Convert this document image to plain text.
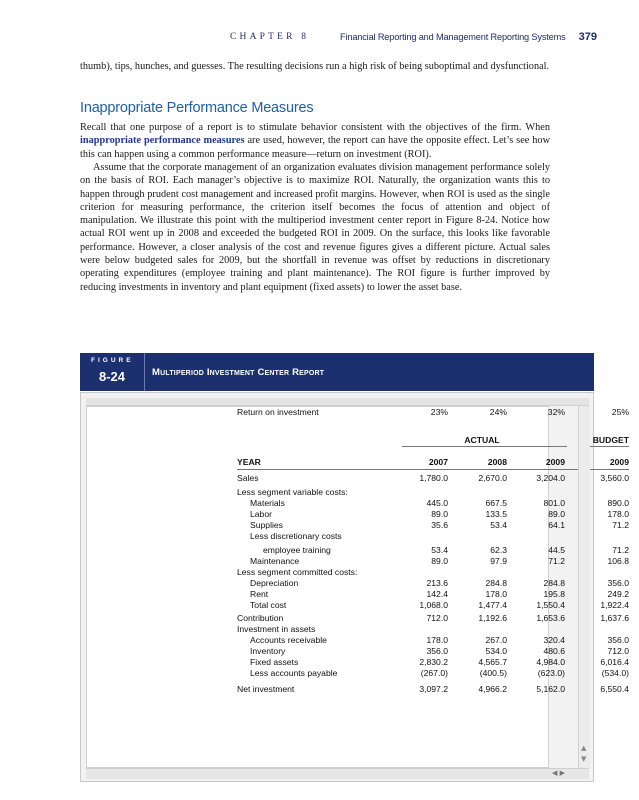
CHAPTER 8	Financial Reporting and Management Reporting Systems 379

thumb), tips, hunches, and guesses. The resulting decisions run a high risk of being suboptimal and dysfunctional.

Inappropriate Performance Measures

Recall that one purpose of a report is to stimulate behavior consistent with the objectives of the firm. When inappropriate performance measures are used, however, the report can have the opposite effect. Let’s see how this can happen using a common performance measure—return on investment (ROI).

Assume that the corporate management of an organization evaluates division management performance solely on the basis of ROI. Each manager’s objective is to maximize ROI. Naturally, the organization wants this to happen through prudent cost management and increased profit margins. However, when ROI is used as the single criterion for measuring performance, the criterion itself becomes the focus of attention and object of manipulation. We illustrate this point with the multiperiod investment center report in Figure 8-24. Notice how actual ROI went up in 2008 and exceeded the budgeted ROI in 2009. On the surface, this looks like favorable performance. However, a closer analysis of the cost and revenue figures gives a different picture. Actual sales were below budgeted sales for 2009, but the shortfall in revenue was offset by reductions in discretionary operating expenditures (employee training and plant maintenance). The ROI figure is further improved by reducing investments in inventory and plant equipment (fixed assets) to lower the asset base.

FIGURE
8-24	Multiperiod Investment Center Report
ACTUAL	BUDGET
YEAR	2007	2008	2009	2009
Sales	1,780.0	2,670.0	3,204.0	3,560.0
Less segment variable costs:
Materials	445.0	667.5	801.0	890.0
Labor	89.0	133.5	89.0	178.0
Supplies	35.6	53.4	64.1	71.2
Less discretionary costs
employee training	53.4	62.3	44.5	71.2
Maintenance	89.0	97.9	71.2	106.8
Less segment committed costs:
Depreciation	213.6	284.8	284.8	356.0
Rent	142.4	178.0	195.8	249.2
Total cost	1,068.0	1,477.4	1,550.4	1,922.4
Contribution	712.0	1,192.6	1,653.6	1,637.6
Investment in assets
Accounts receivable	178.0	267.0	320.4	356.0
Inventory	356.0	534.0	480.6	712.0
Fixed assets	2,830.2	4,565.7	4,984.0	6,016.4
Less accounts payable	(267.0)	(400.5)	(623.0)	(534.0)
Net investment	3,097.2	4,966.2	5,162.0	6,550.4
Return on investment	23%	24%	32%	25%
▲
▼
◀ ▶
